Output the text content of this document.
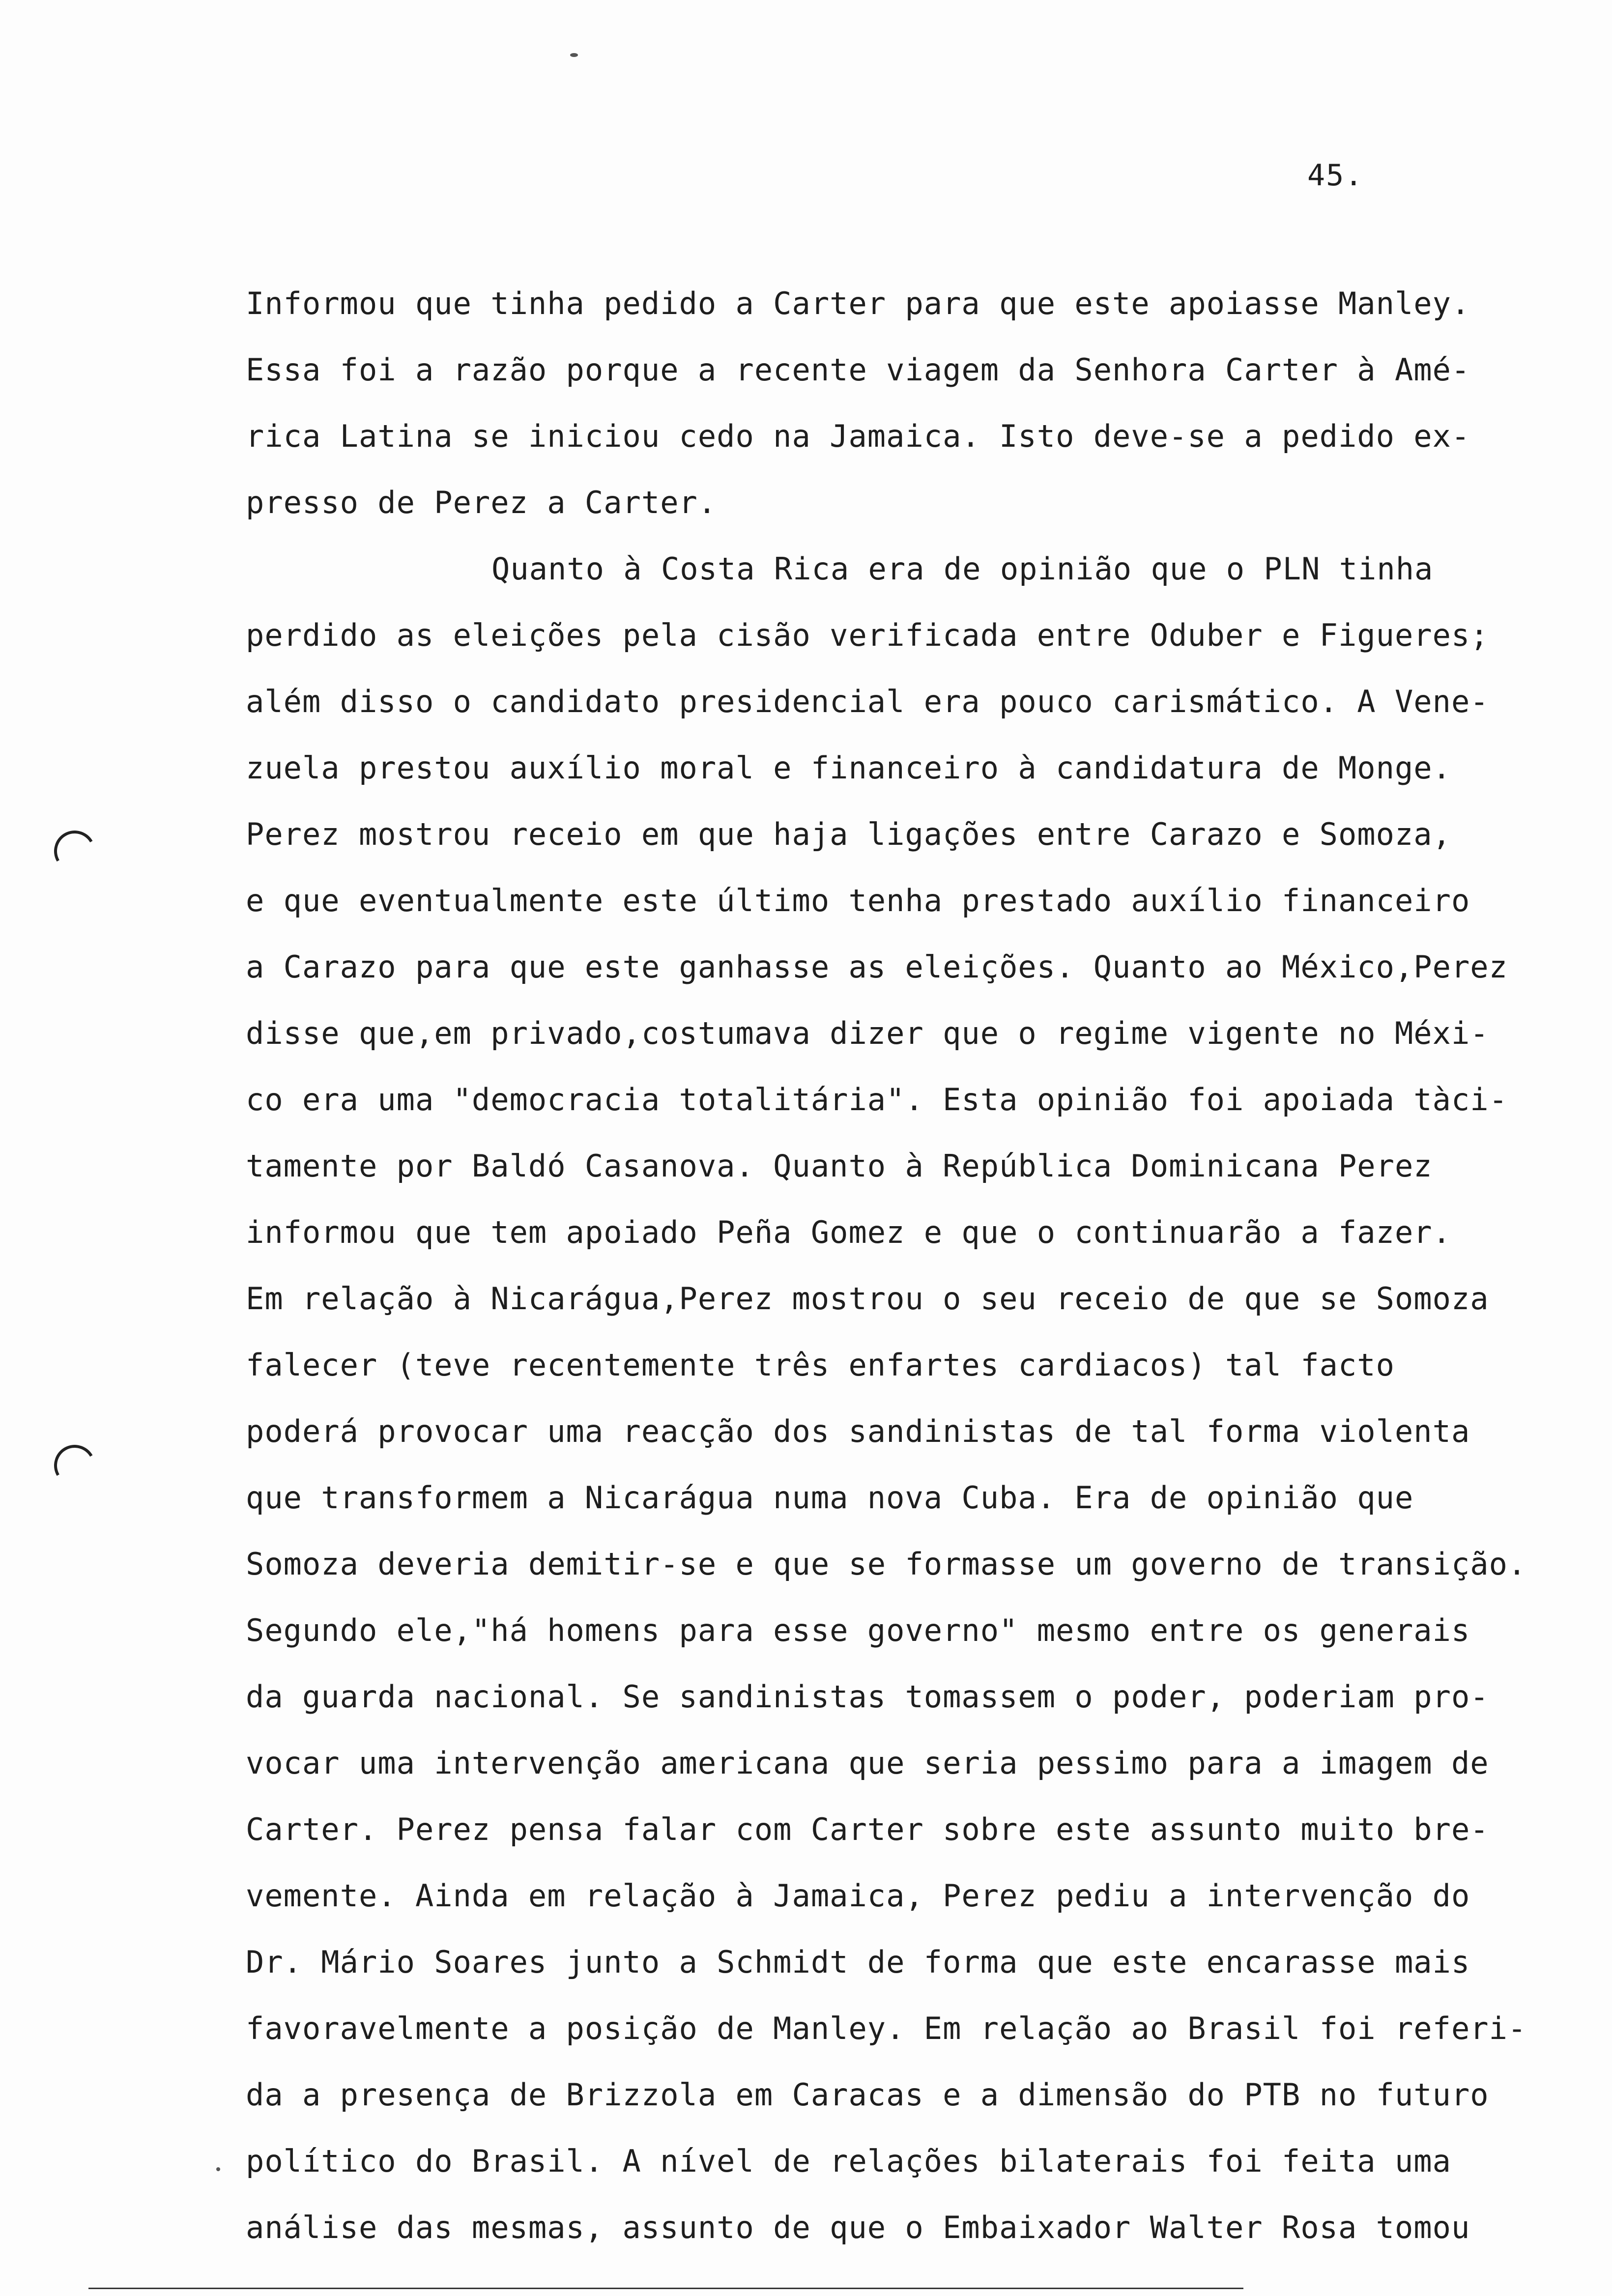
45.
Informou que tinha pedido a Carter para que este apoiasse Manley.
Essa foi a razão porque a recente viagem da Senhora Carter à Amé-
rica Latina se iniciou cedo na Jamaica. Isto deve-se a pedido ex-
presso de Perez a Carter.
Quanto à Costa Rica era de opinião que o PLN tinha
perdido as eleições pela cisão verificada entre Oduber e Figueres;
além disso o candidato presidencial era pouco carismático. A Vene-
zuela prestou auxílio moral e financeiro à candidatura de Monge.
Perez mostrou receio em que haja ligações entre Carazo e Somoza,
e que eventualmente este último tenha prestado auxílio financeiro
a Carazo para que este ganhasse as eleições. Quanto ao México,Perez
disse que,em privado,costumava dizer que o regime vigente no Méxi-
co era uma "democracia totalitária". Esta opinião foi apoiada tàci-
tamente por Baldó Casanova. Quanto à República Dominicana Perez
informou que tem apoiado Peña Gomez e que o continuarão a fazer.
Em relação à Nicarágua,Perez mostrou o seu receio de que se Somoza
falecer (teve recentemente três enfartes cardiacos) tal facto
poderá provocar uma reacção dos sandinistas de tal forma violenta
que transformem a Nicarágua numa nova Cuba. Era de opinião que
Somoza deveria demitir-se e que se formasse um governo de transição.
Segundo ele,"há homens para esse governo" mesmo entre os generais
da guarda nacional. Se sandinistas tomassem o poder, poderiam pro-
vocar uma intervenção americana que seria pessimo para a imagem de
Carter. Perez pensa falar com Carter sobre este assunto muito bre-
vemente. Ainda em relação à Jamaica, Perez pediu a intervenção do
Dr. Mário Soares junto a Schmidt de forma que este encarasse mais
favoravelmente a posição de Manley. Em relação ao Brasil foi referi-
da a presença de Brizzola em Caracas e a dimensão do PTB no futuro
político do Brasil. A nível de relações bilaterais foi feita uma
análise das mesmas, assunto de que o Embaixador Walter Rosa tomou
